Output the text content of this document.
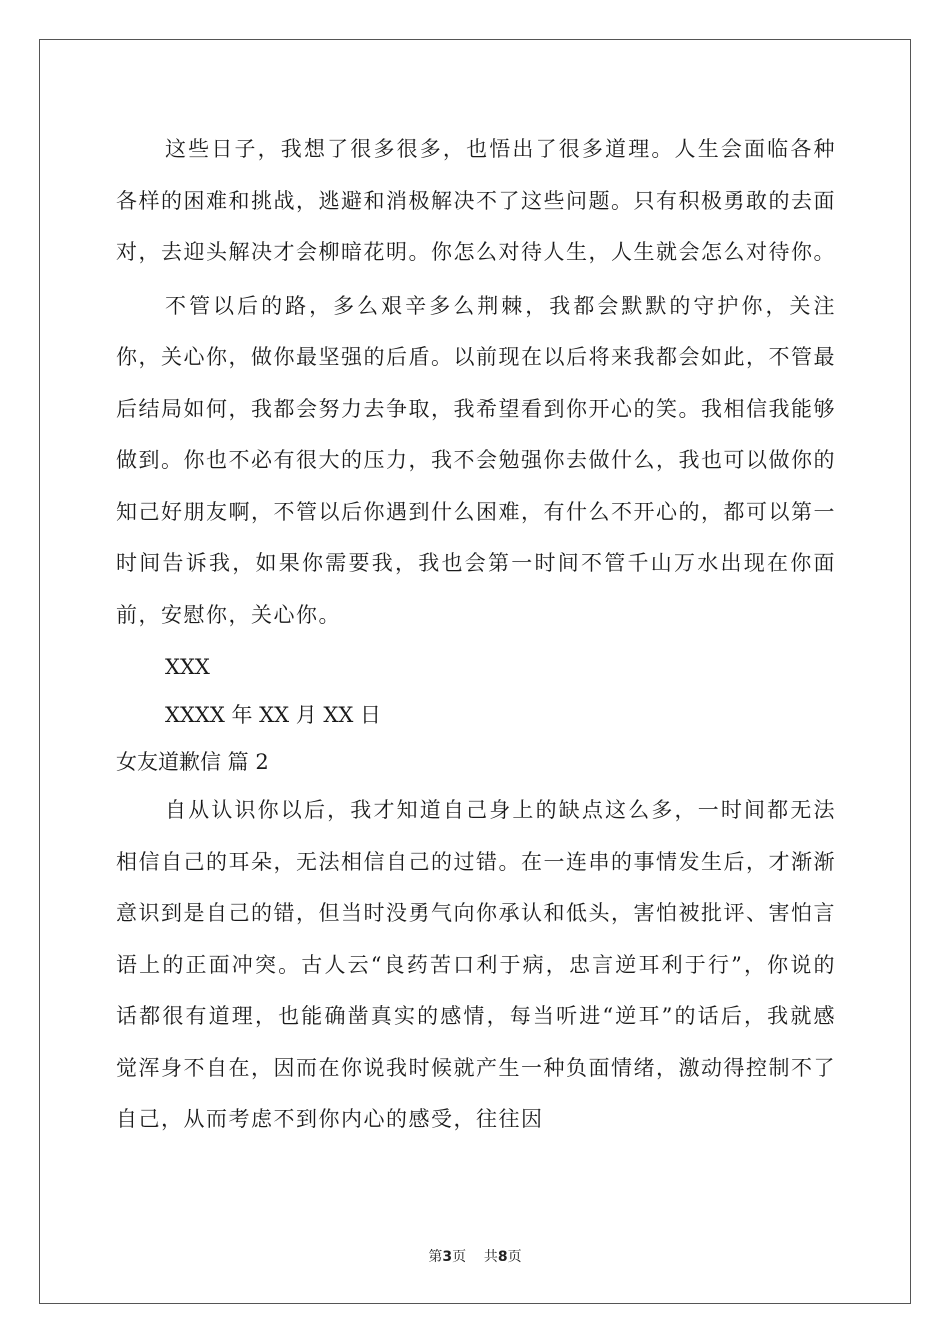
这些日子，我想了很多很多，也悟出了很多道理。人生会面临各种各样的困难和挑战，逃避和消极解决不了这些问题。只有积极勇敢的去面对，去迎头解决才会柳暗花明。你怎么对待人生，人生就会怎么对待你。

不管以后的路，多么艰辛多么荆棘，我都会默默的守护你，关注你，关心你，做你最坚强的后盾。以前现在以后将来我都会如此，不管最后结局如何，我都会努力去争取，我希望看到你开心的笑。我相信我能够做到。你也不必有很大的压力，我不会勉强你去做什么，我也可以做你的知己好朋友啊，不管以后你遇到什么困难，有什么不开心的，都可以第一时间告诉我，如果你需要我，我也会第一时间不管千山万水出现在你面前，安慰你，关心你。

XXX

XXXX 年 XX 月 XX 日

女友道歉信 篇 2

自从认识你以后，我才知道自己身上的缺点这么多，一时间都无法相信自己的耳朵，无法相信自己的过错。在一连串的事情发生后，才渐渐意识到是自己的错，但当时没勇气向你承认和低头，害怕被批评、害怕言语上的正面冲突。古人云“良药苦口利于病，忠言逆耳利于行”，你说的话都很有道理，也能确凿真实的感情，每当听进“逆耳”的话后，我就感觉浑身不自在，因而在你说我时候就产生一种负面情绪，激动得控制不了自己，从而考虑不到你内心的感受，往往因

第3页    共8页
